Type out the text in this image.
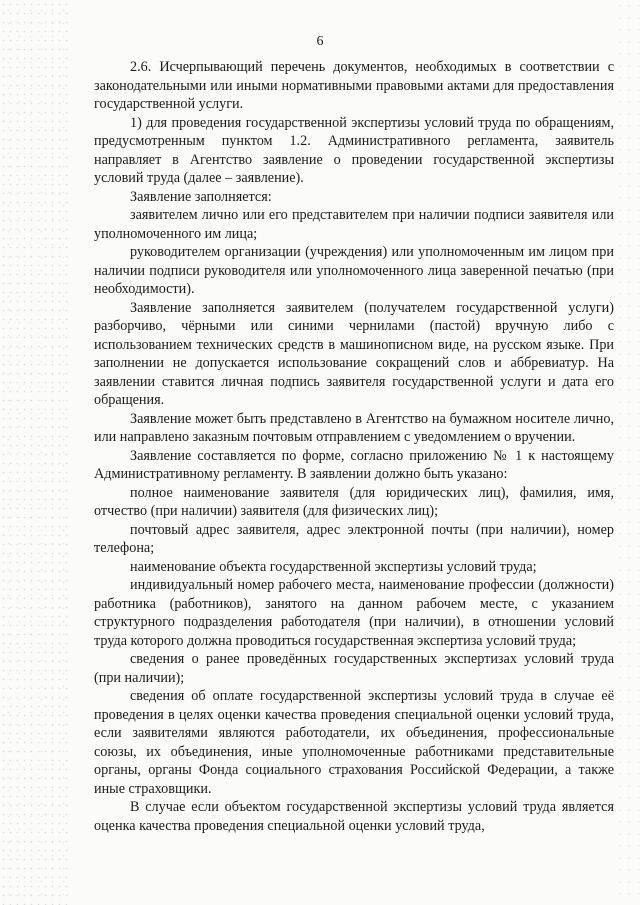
6

2.6. Исчерпывающий перечень документов, необходимых в соответствии с законодательными или иными нормативными правовыми актами для предоставления государственной услуги.

1) для проведения государственной экспертизы условий труда по обращениям, предусмотренным пунктом 1.2. Административного регламента, заявитель направляет в Агентство заявление о проведении государственной экспертизы условий труда (далее – заявление).

Заявление заполняется:

заявителем лично или его представителем при наличии подписи заявителя или уполномоченного им лица;

руководителем организации (учреждения) или уполномоченным им лицом при наличии подписи руководителя или уполномоченного лица заверенной печатью (при необходимости).

Заявление заполняется заявителем (получателем государственной услуги) разборчиво, чёрными или синими чернилами (пастой) вручную либо с использованием технических средств в машинописном виде, на русском языке. При заполнении не допускается использование сокращений слов и аббревиатур. На заявлении ставится личная подпись заявителя государственной услуги и дата его обращения.

Заявление может быть представлено в Агентство на бумажном носителе лично, или направлено заказным почтовым отправлением с уведомлением о вручении.

Заявление составляется по форме, согласно приложению № 1 к настоящему Административному регламенту. В заявлении должно быть указано:

полное наименование заявителя (для юридических лиц), фамилия, имя, отчество (при наличии) заявителя (для физических лиц);

почтовый адрес заявителя, адрес электронной почты (при наличии), номер телефона;

наименование объекта государственной экспертизы условий труда;

индивидуальный номер рабочего места, наименование профессии (должности) работника (работников), занятого на данном рабочем месте, с указанием структурного подразделения работодателя (при наличии), в отношении условий труда которого должна проводиться государственная экспертиза условий труда;

сведения о ранее проведённых государственных экспертизах условий труда (при наличии);

сведения об оплате государственной экспертизы условий труда в случае её проведения в целях оценки качества проведения специальной оценки условий труда, если заявителями являются работодатели, их объединения, профессиональные союзы, их объединения, иные уполномоченные работниками представительные органы, органы Фонда социального страхования Российской Федерации, а также иные страховщики.

В случае если объектом государственной экспертизы условий труда является оценка качества проведения специальной оценки условий труда,
